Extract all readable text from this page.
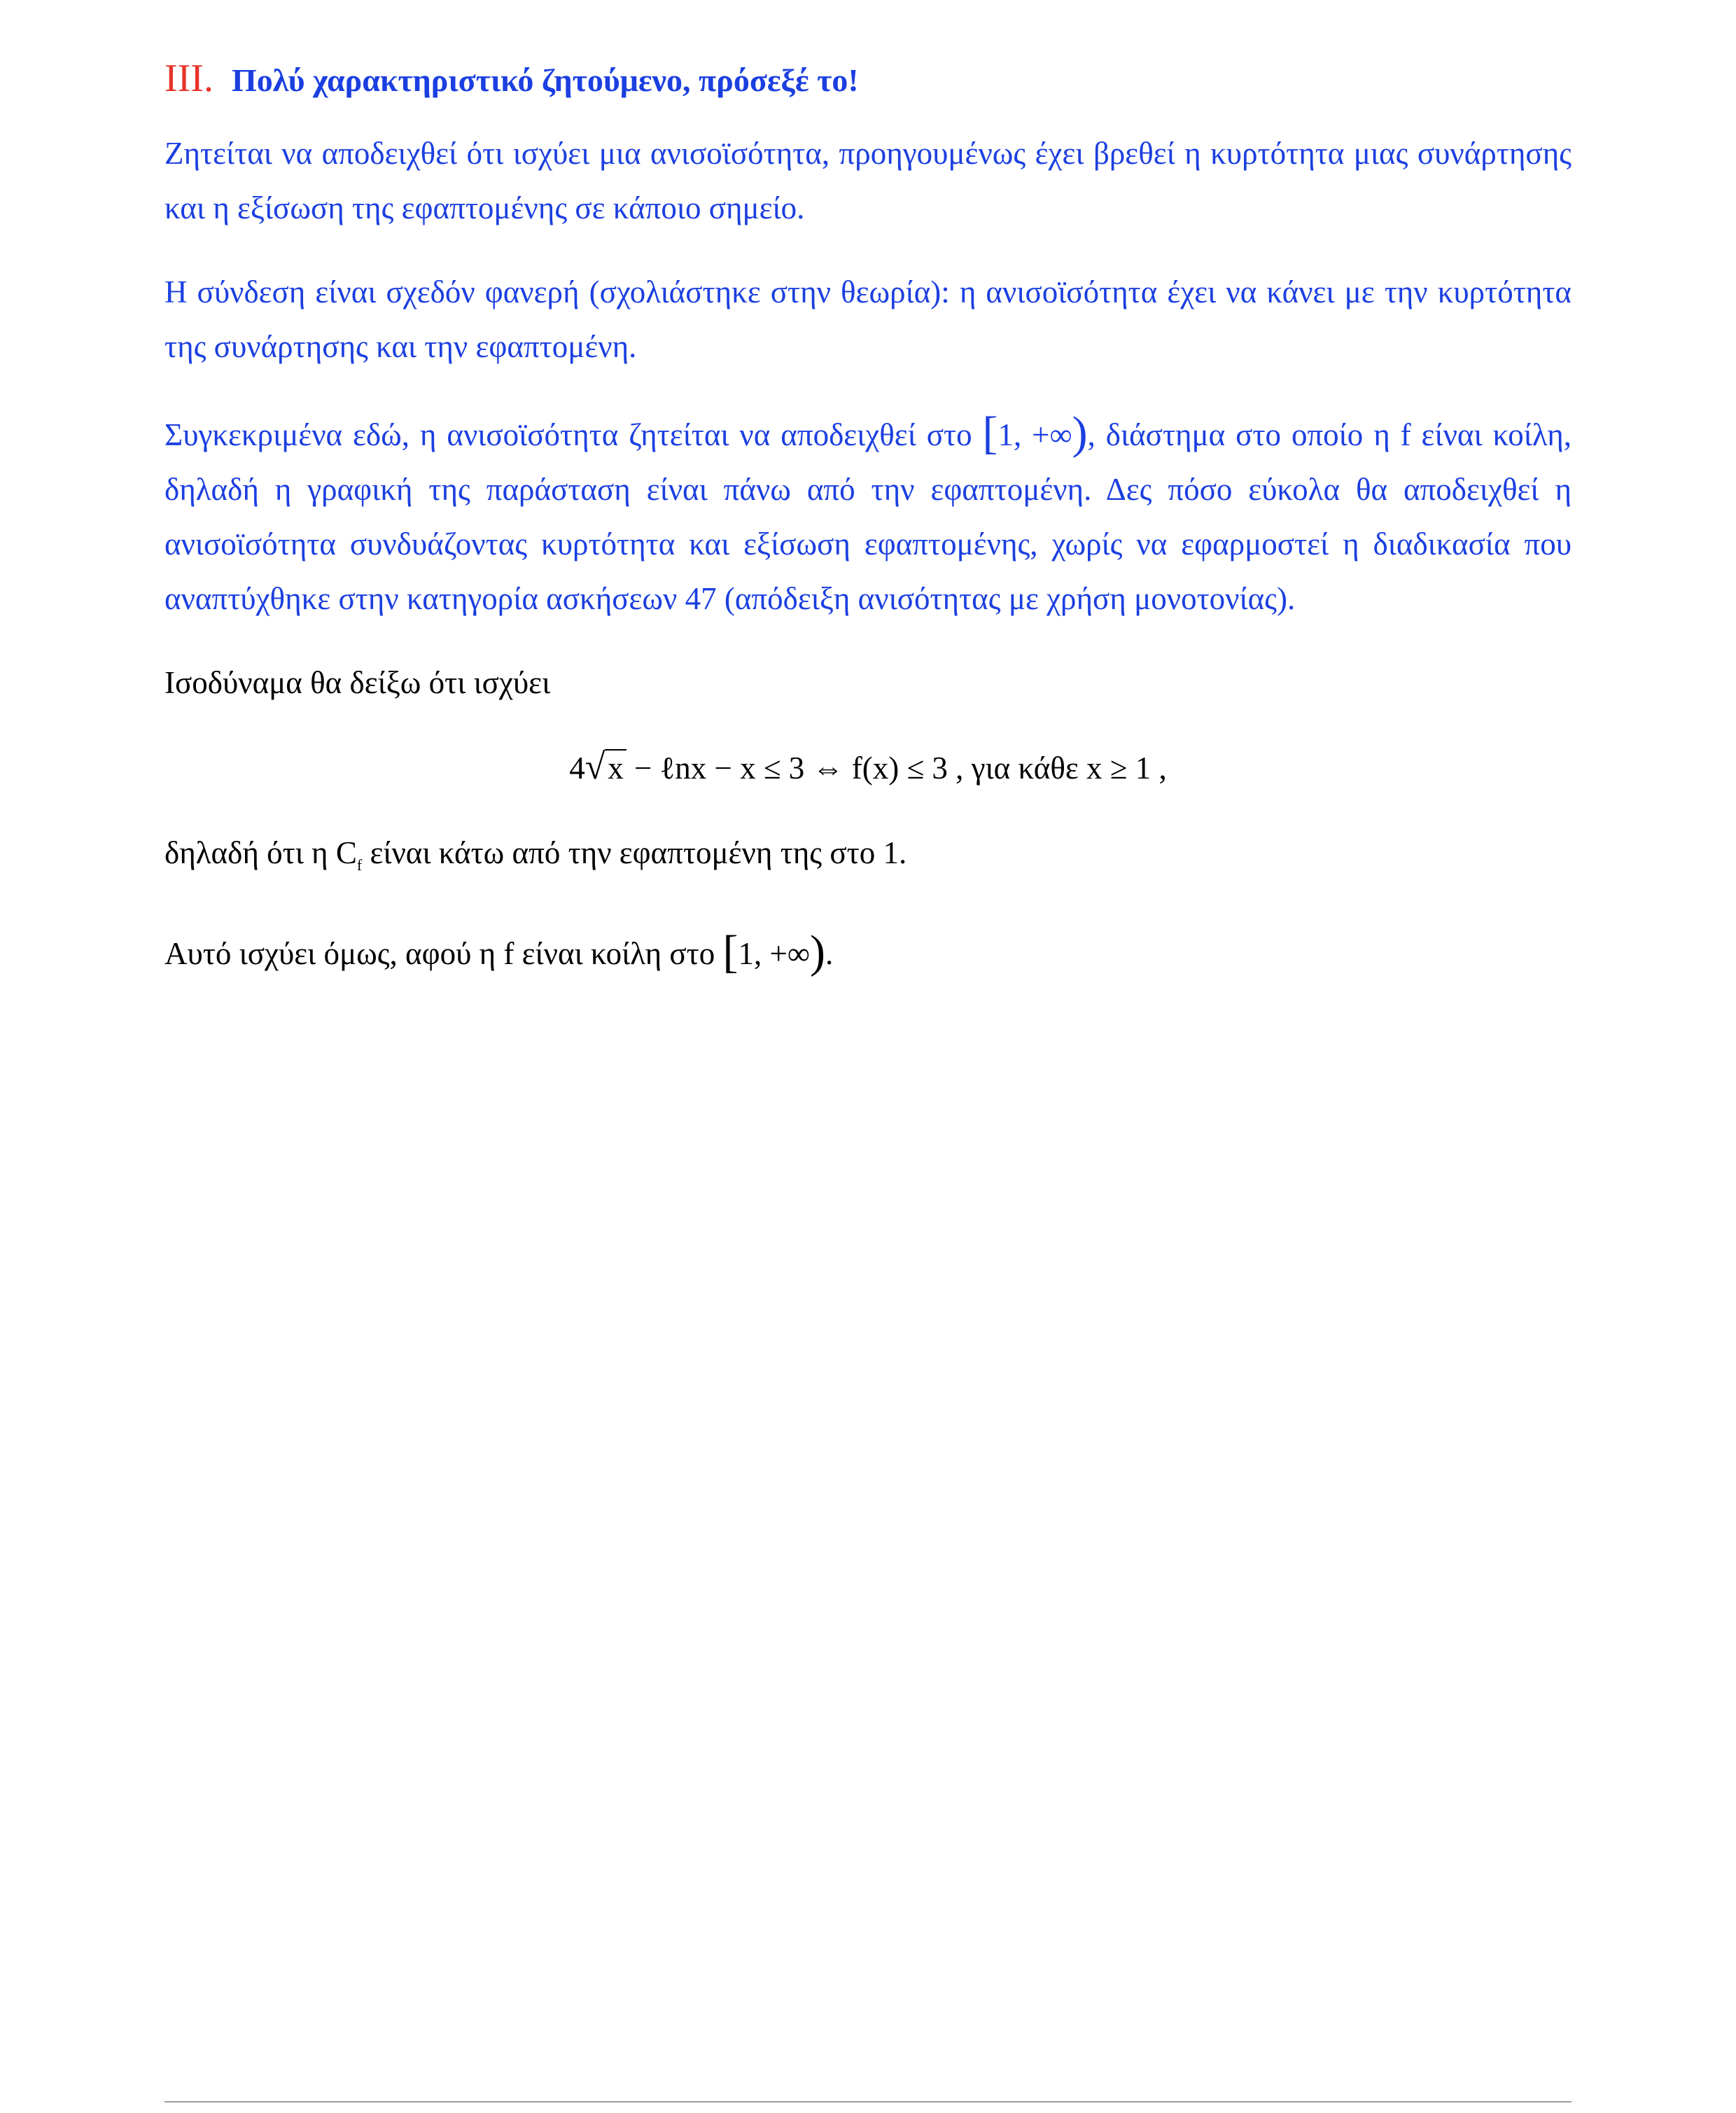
III. Πολύ χαρακτηριστικό ζητούμενο, πρόσεξέ το!

Ζητείται να αποδειχθεί ότι ισχύει μια ανισοϊσότητα, προηγουμένως έχει βρεθεί η κυρτότητα μιας συνάρτησης και η εξίσωση της εφαπτομένης σε κάποιο σημείο.

Η σύνδεση είναι σχεδόν φανερή (σχολιάστηκε στην θεωρία): η ανισοϊσότητα έχει να κάνει με την κυρτότητα της συνάρτησης και την εφαπτομένη.

Συγκεκριμένα εδώ, η ανισοϊσότητα ζητείται να αποδειχθεί στο [1, +∞), διάστημα στο οποίο η f είναι κοίλη, δηλαδή η γραφική της παράσταση είναι πάνω από την εφαπτομένη. Δες πόσο εύκολα θα αποδειχθεί η ανισοϊσότητα συνδυάζοντας κυρτότητα και εξίσωση εφαπτομένης, χωρίς να εφαρμοστεί η διαδικασία που αναπτύχθηκε στην κατηγορία ασκήσεων 47 (απόδειξη ανισότητας με χρήση μονοτονίας).

Ισοδύναμα θα δείξω ότι ισχύει

4√x − ℓnx − x ≤ 3 ⇔ f(x) ≤ 3 , για κάθε x ≥ 1 ,

δηλαδή ότι η $C_f$ είναι κάτω από την εφαπτομένη της στο 1.

Αυτό ισχύει όμως, αφού η f είναι κοίλη στο [1, +∞).
